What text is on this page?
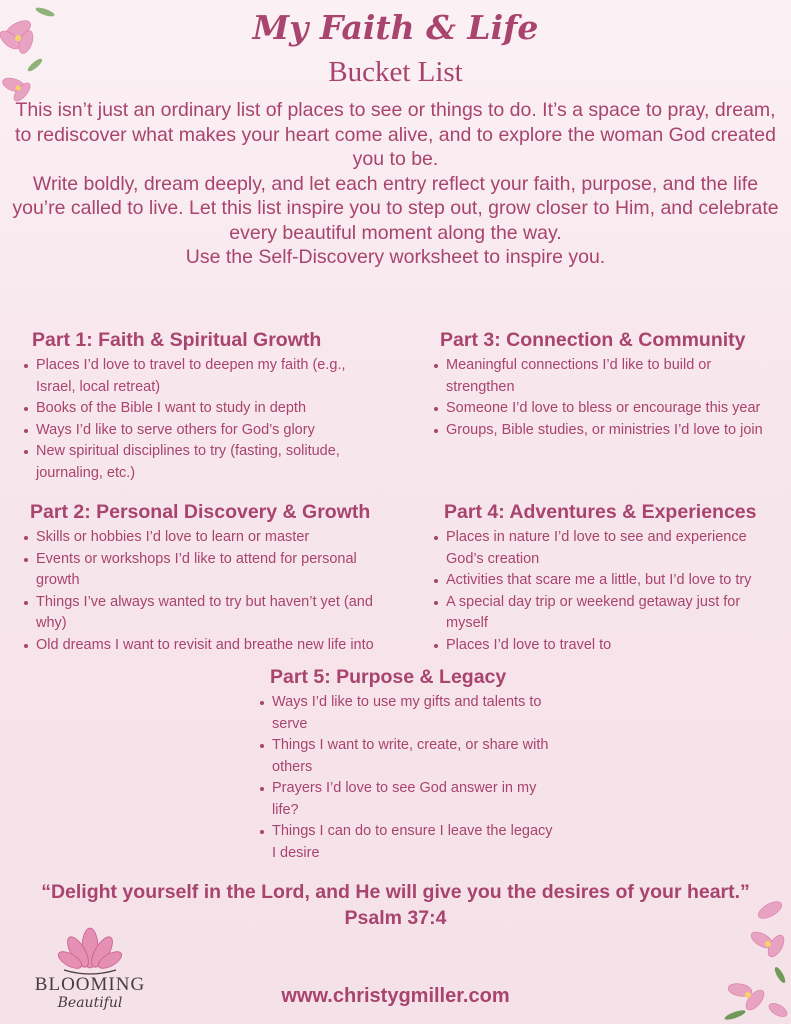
My Faith & Life
Bucket List

This isn’t just an ordinary list of places to see or things to do. It’s a space to pray, dream, to rediscover what makes your heart come alive, and to explore the woman God created you to be.

Write boldly, dream deeply, and let each entry reflect your faith, purpose, and the life you’re called to live. Let this list inspire you to step out, grow closer to Him, and celebrate every beautiful moment along the way.

Use the Self-Discovery worksheet to inspire you.

Part 1: Faith & Spiritual Growth
Places I’d love to travel to deepen my faith (e.g., Israel, local retreat)
Books of the Bible I want to study in depth
Ways I’d like to serve others for God’s glory
New spiritual disciplines to try (fasting, solitude, journaling, etc.)
Part 2: Personal Discovery & Growth
Skills or hobbies I’d love to learn or master
Events or workshops I’d like to attend for personal growth
Things I’ve always wanted to try but haven’t yet (and why)
Old dreams I want to revisit and breathe new life into
Part 3: Connection & Community
Meaningful connections I’d like to build or strengthen
Someone I’d love to bless or encourage this year
Groups, Bible studies, or ministries I’d love to join
Part 4: Adventures & Experiences
Places in nature I’d love to see and experience God’s creation
Activities that scare me a little, but I’d love to try
A special day trip or weekend getaway just for myself
Places I’d love to travel to
Part 5: Purpose & Legacy
Ways I’d like to use my gifts and talents to serve
Things I want to write, create, or share with others
Prayers I’d love to see God answer in my life?
Things I can do to ensure I leave the legacy I desire
“Delight yourself in the Lord, and He will give you the desires of your heart.”
Psalm 37:4
BLOOMING
Beautiful	www.christygmiller.com
